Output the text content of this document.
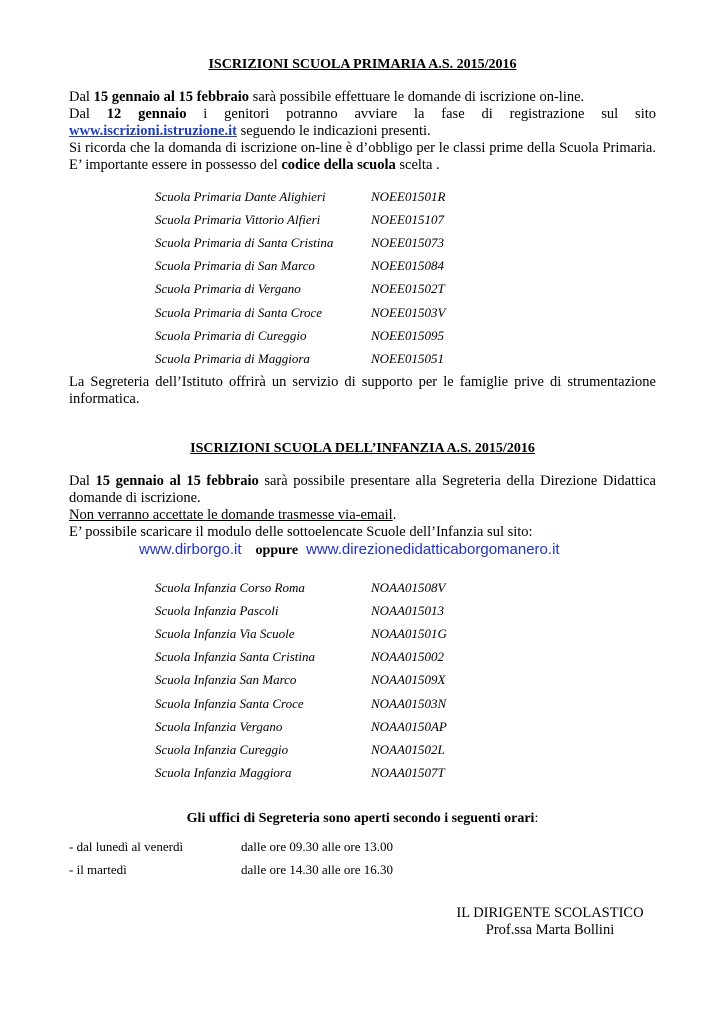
ISCRIZIONI SCUOLA PRIMARIA A.S. 2015/2016

Dal 15 gennaio al 15 febbraio sarà possibile effettuare le domande di iscrizione on-line.

Dal 12 gennaio i genitori potranno avviare la fase di registrazione sul sito

www.iscrizioni.istruzione.it seguendo le indicazioni presenti.

Si ricorda che la domanda di iscrizione on-line è d’obbligo per le classi prime della Scuola Primaria. E’ importante essere in possesso del codice della scuola scelta .

Scuola Primaria Dante Alighieri	NOEE01501R
Scuola Primaria Vittorio Alfieri	NOEE015107
Scuola Primaria di Santa Cristina	NOEE015073
Scuola Primaria di San Marco	NOEE015084
Scuola Primaria di Vergano	NOEE01502T
Scuola Primaria di Santa Croce	NOEE01503V
Scuola Primaria di Cureggio	NOEE015095
Scuola Primaria di Maggiora	NOEE015051

La Segreteria dell’Istituto offrirà un servizio di supporto per le famiglie prive di strumentazione informatica.

ISCRIZIONI SCUOLA DELL’INFANZIA A.S. 2015/2016

Dal 15 gennaio al 15 febbraio sarà possibile presentare alla Segreteria della Direzione Didattica domande di iscrizione.

Non verranno accettate le domande trasmesse via-email.

E’ possibile scaricare il modulo delle sottoelencate Scuole dell’Infanzia sul sito:

www.dirborgo.it oppure www.direzionedidatticaborgomanero.it
Scuola Infanzia Corso Roma	NOAA01508V
Scuola Infanzia Pascoli	NOAA015013
Scuola Infanzia Via Scuole	NOAA01501G
Scuola Infanzia Santa Cristina	NOAA015002
Scuola Infanzia San Marco	NOAA01509X
Scuola Infanzia Santa Croce	NOAA01503N
Scuola Infanzia Vergano	NOAA0150AP
Scuola Infanzia Cureggio	NOAA01502L
Scuola Infanzia Maggiora	NOAA01507T
Gli uffici di Segreteria sono aperti secondo i seguenti orari:
- dal lunedì al venerdì	dalle ore 09.30 alle ore 13.00
- il martedì	dalle ore 14.30 alle ore 16.30
IL DIRIGENTE SCOLASTICO
Prof.ssa Marta Bollini
